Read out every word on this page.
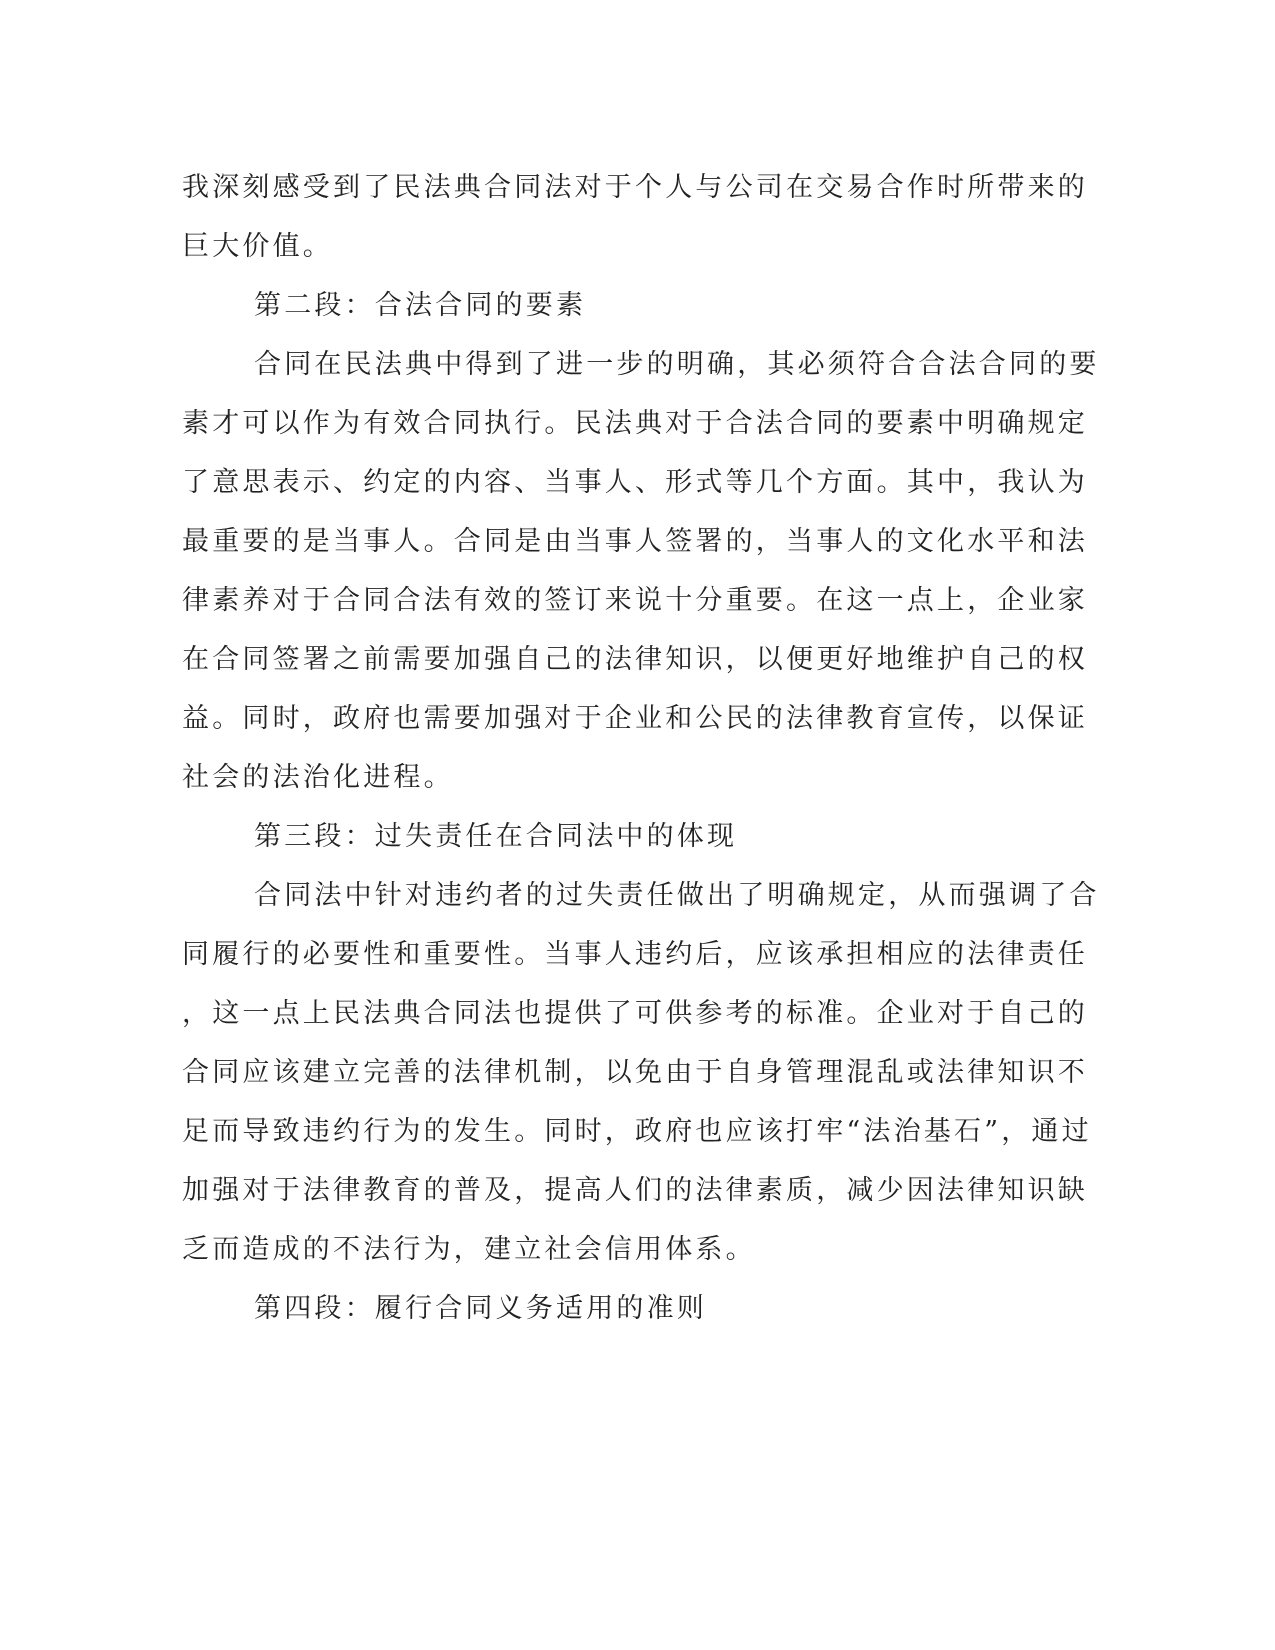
我深刻感受到了民法典合同法对于个人与公司在交易合作时所带来的
巨大价值。
第二段：合法合同的要素
合同在民法典中得到了进一步的明确，其必须符合合法合同的要
素才可以作为有效合同执行。民法典对于合法合同的要素中明确规定
了意思表示、约定的内容、当事人、形式等几个方面。其中，我认为
最重要的是当事人。合同是由当事人签署的，当事人的文化水平和法
律素养对于合同合法有效的签订来说十分重要。在这一点上，企业家
在合同签署之前需要加强自己的法律知识，以便更好地维护自己的权
益。同时，政府也需要加强对于企业和公民的法律教育宣传，以保证
社会的法治化进程。
第三段：过失责任在合同法中的体现
合同法中针对违约者的过失责任做出了明确规定，从而强调了合
同履行的必要性和重要性。当事人违约后，应该承担相应的法律责任
，这一点上民法典合同法也提供了可供参考的标准。企业对于自己的
合同应该建立完善的法律机制，以免由于自身管理混乱或法律知识不
足而导致违约行为的发生。同时，政府也应该打牢“法治基石”，通过
加强对于法律教育的普及，提高人们的法律素质，减少因法律知识缺
乏而造成的不法行为，建立社会信用体系。
第四段：履行合同义务适用的准则
